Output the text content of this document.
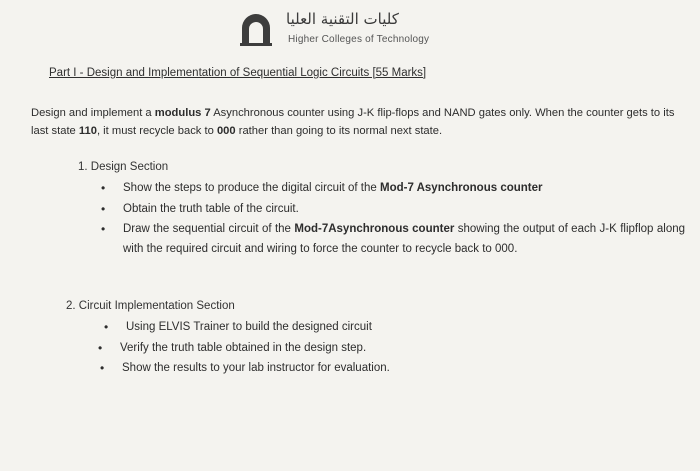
كليات التقنية العليا
Higher Colleges of Technology
Part I - Design and Implementation of Sequential Logic Circuits [55 Marks]
Design and implement a modulus 7 Asynchronous counter using J-K flip-flops and NAND gates only. When the counter gets to its last state 110, it must recycle back to 000 rather than going to its normal next state.
1. Design Section
• Show the steps to produce the digital circuit of the Mod-7 Asynchronous counter
• Obtain the truth table of the circuit.
• Draw the sequential circuit of the Mod-7Asynchronous counter showing the output of each J-K flipflop along with the required circuit and wiring to force the counter to recycle back to 000.
2. Circuit Implementation Section
• Using ELVIS Trainer to build the designed circuit
• Verify the truth table obtained in the design step.
• Show the results to your lab instructor for evaluation.
